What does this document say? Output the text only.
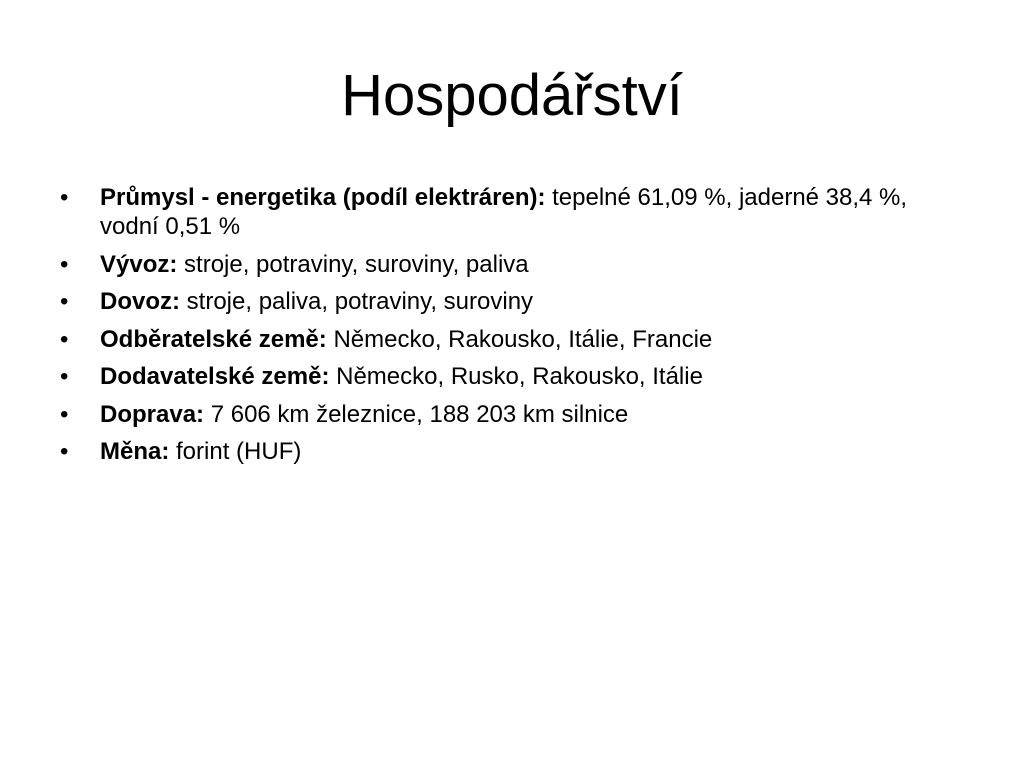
Hospodářství
•	Průmysl - energetika (podíl elektráren): tepelné 61,09 %, jaderné 38,4 %, vodní 0,51 %
•	Vývoz: stroje, potraviny, suroviny, paliva
•	Dovoz: stroje, paliva, potraviny, suroviny
•	Odběratelské země: Německo, Rakousko, Itálie, Francie
•	Dodavatelské země: Německo, Rusko, Rakousko, Itálie
•	Doprava: 7 606 km železnice, 188 203 km silnice
•	Měna: forint (HUF)
